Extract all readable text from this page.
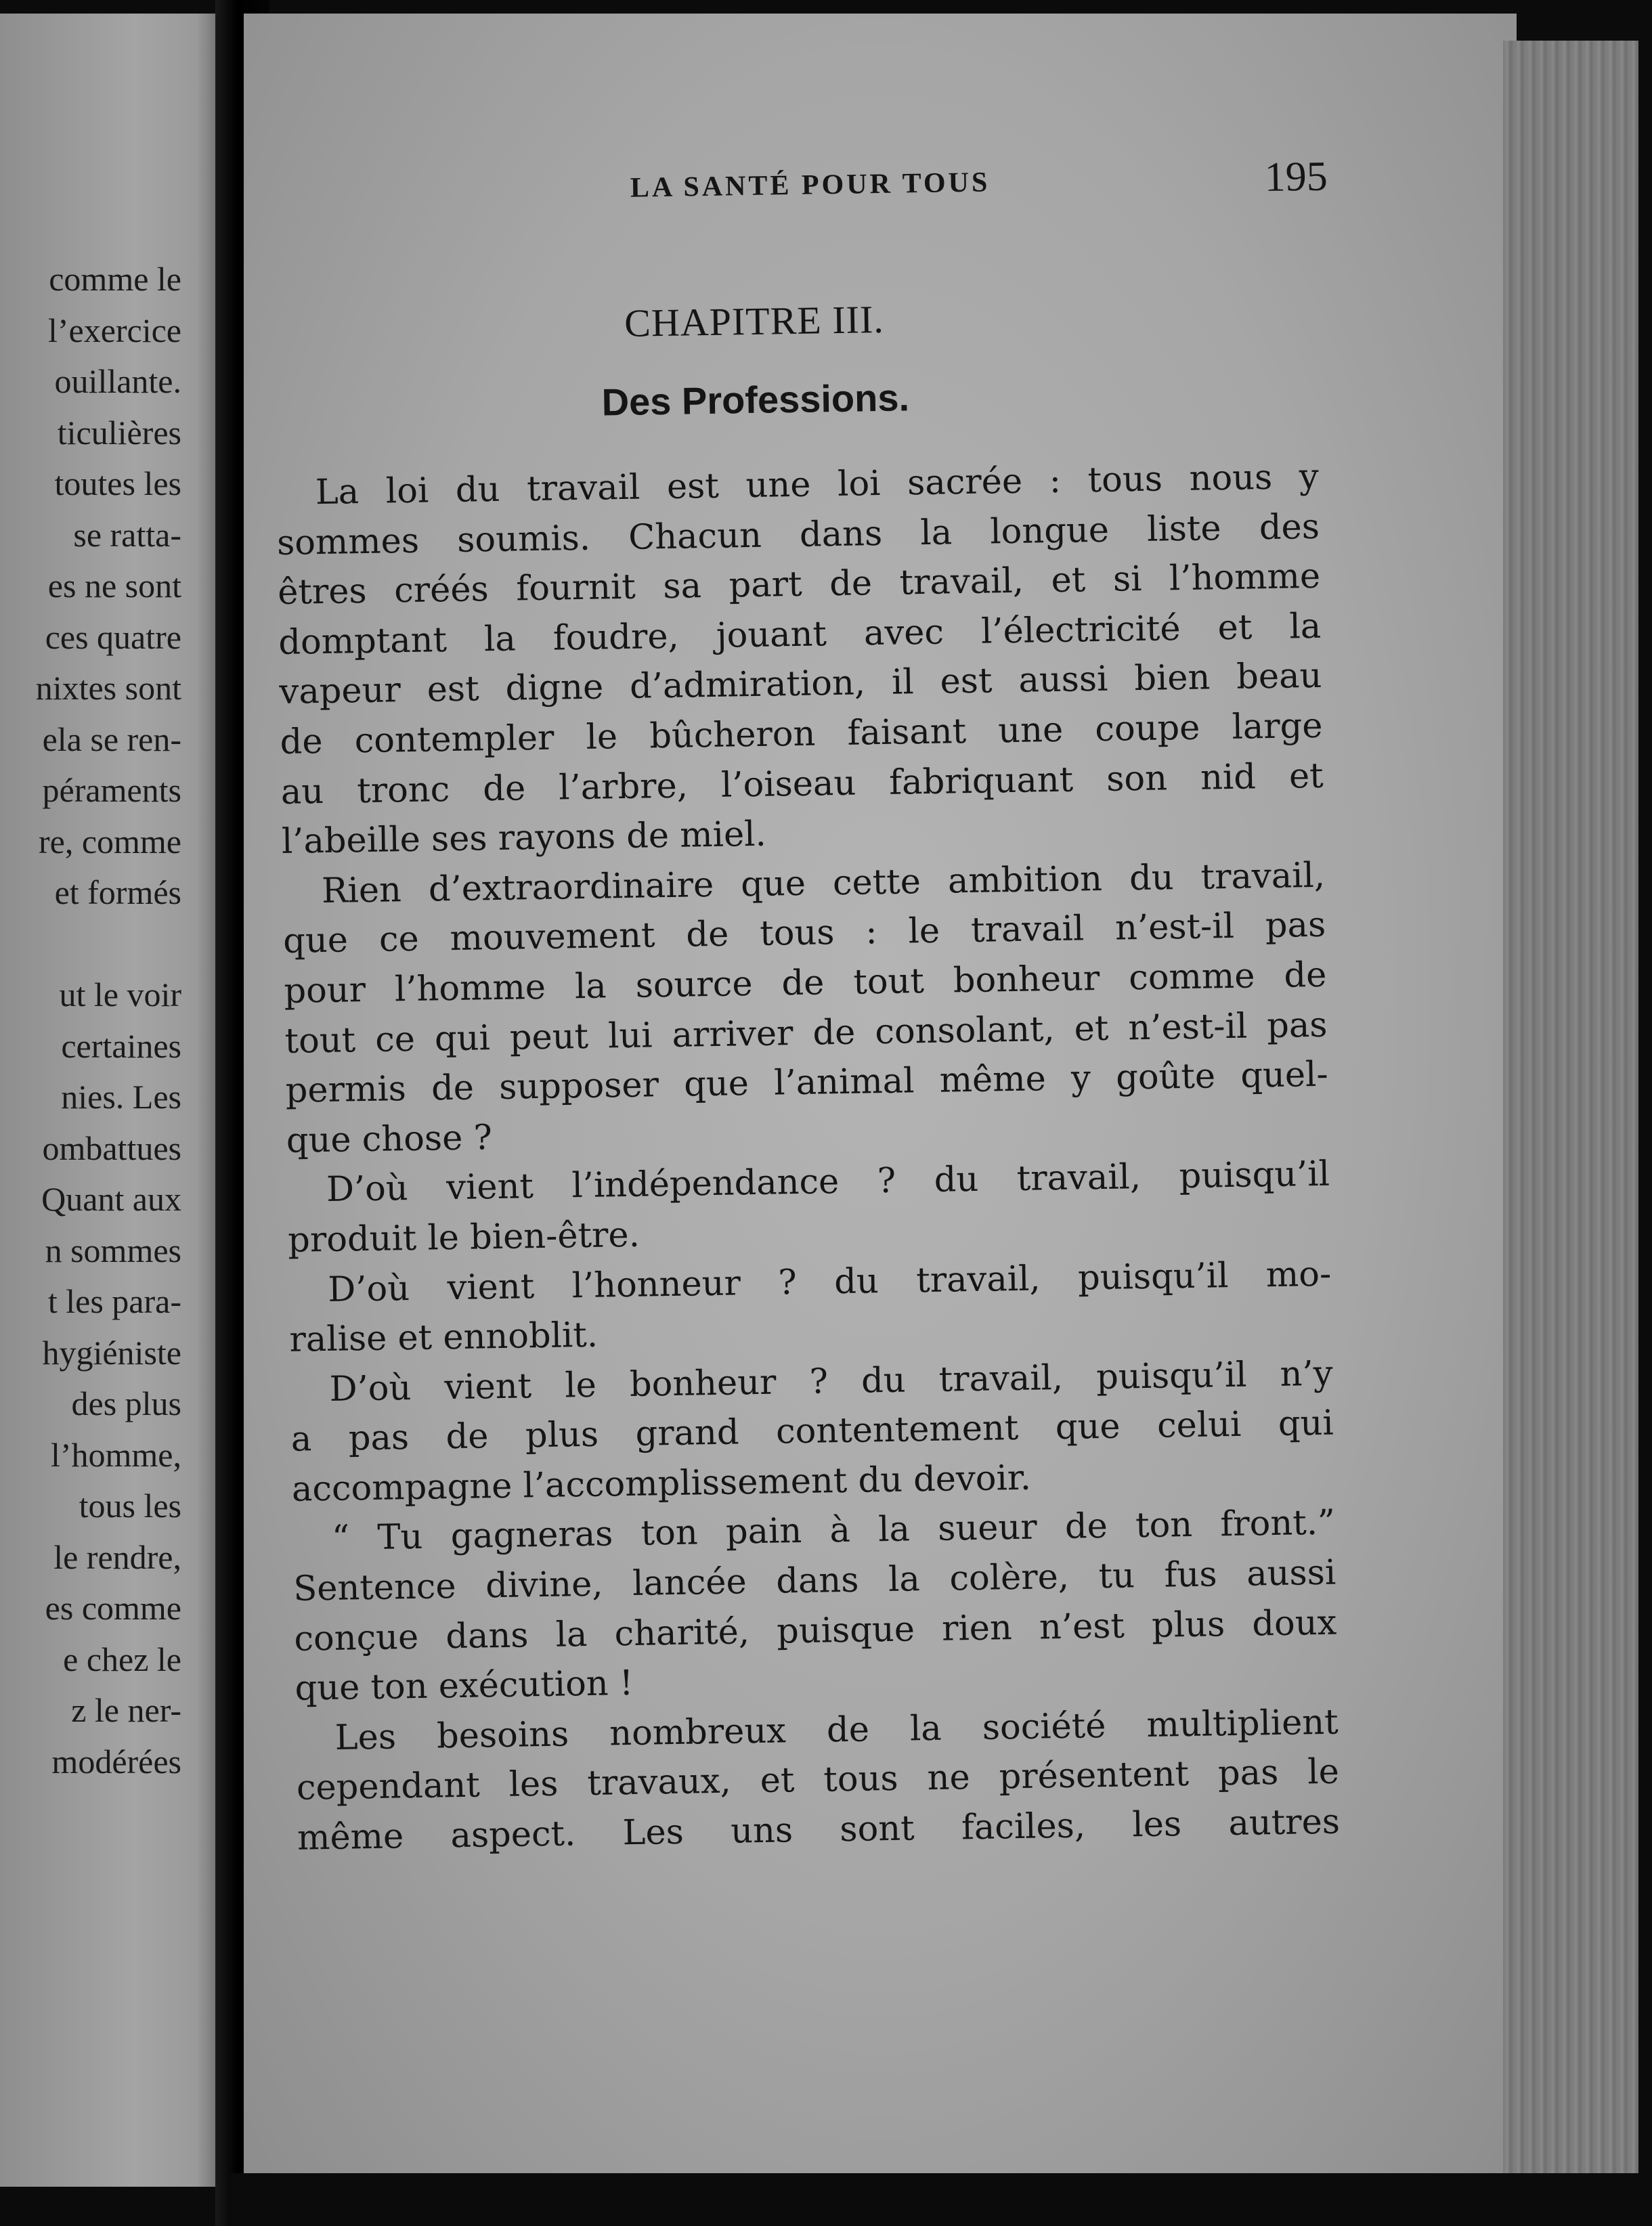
comme le
l’exercice
ouillante.
ticulières
toutes les
se ratta-
es ne sont
ces quatre
nixtes sont
ela se ren-
péraments
re, comme
et formés
ut le voir
certaines
nies. Les
ombattues
Quant aux
n sommes
t les para-
hygiéniste
des plus
l’homme,
tous les
le rendre,
es comme
e chez le
z le ner-
modérées
LA SANTÉ POUR TOUS	195
CHAPITRE III.
Des Professions.
La loi du travail est une loi sacrée : tous nous y
sommes soumis. Chacun dans la longue liste des
êtres créés fournit sa part de travail, et si l’homme
domptant la foudre, jouant avec l’électricité et la
vapeur est digne d’admiration, il est aussi bien beau
de contempler le bûcheron faisant une coupe large
au tronc de l’arbre, l’oiseau fabriquant son nid et
l’abeille ses rayons de miel.
Rien d’extraordinaire que cette ambition du travail,
que ce mouvement de tous : le travail n’est-il pas
pour l’homme la source de tout bonheur comme de
tout ce qui peut lui arriver de consolant, et n’est-il pas
permis de supposer que l’animal même y goûte quel-
que chose ?
D’où vient l’indépendance ? du travail, puisqu’il
produit le bien-être.
D’où vient l’honneur ? du travail, puisqu’il mo-
ralise et ennoblit.
D’où vient le bonheur ? du travail, puisqu’il n’y
a pas de plus grand contentement que celui qui
accompagne l’accomplissement du devoir.
“ Tu gagneras ton pain à la sueur de ton front.”
Sentence divine, lancée dans la colère, tu fus aussi
conçue dans la charité, puisque rien n’est plus doux
que ton exécution !
Les besoins nombreux de la société multiplient
cependant les travaux, et tous ne présentent pas le
même aspect. Les uns sont faciles, les autres
